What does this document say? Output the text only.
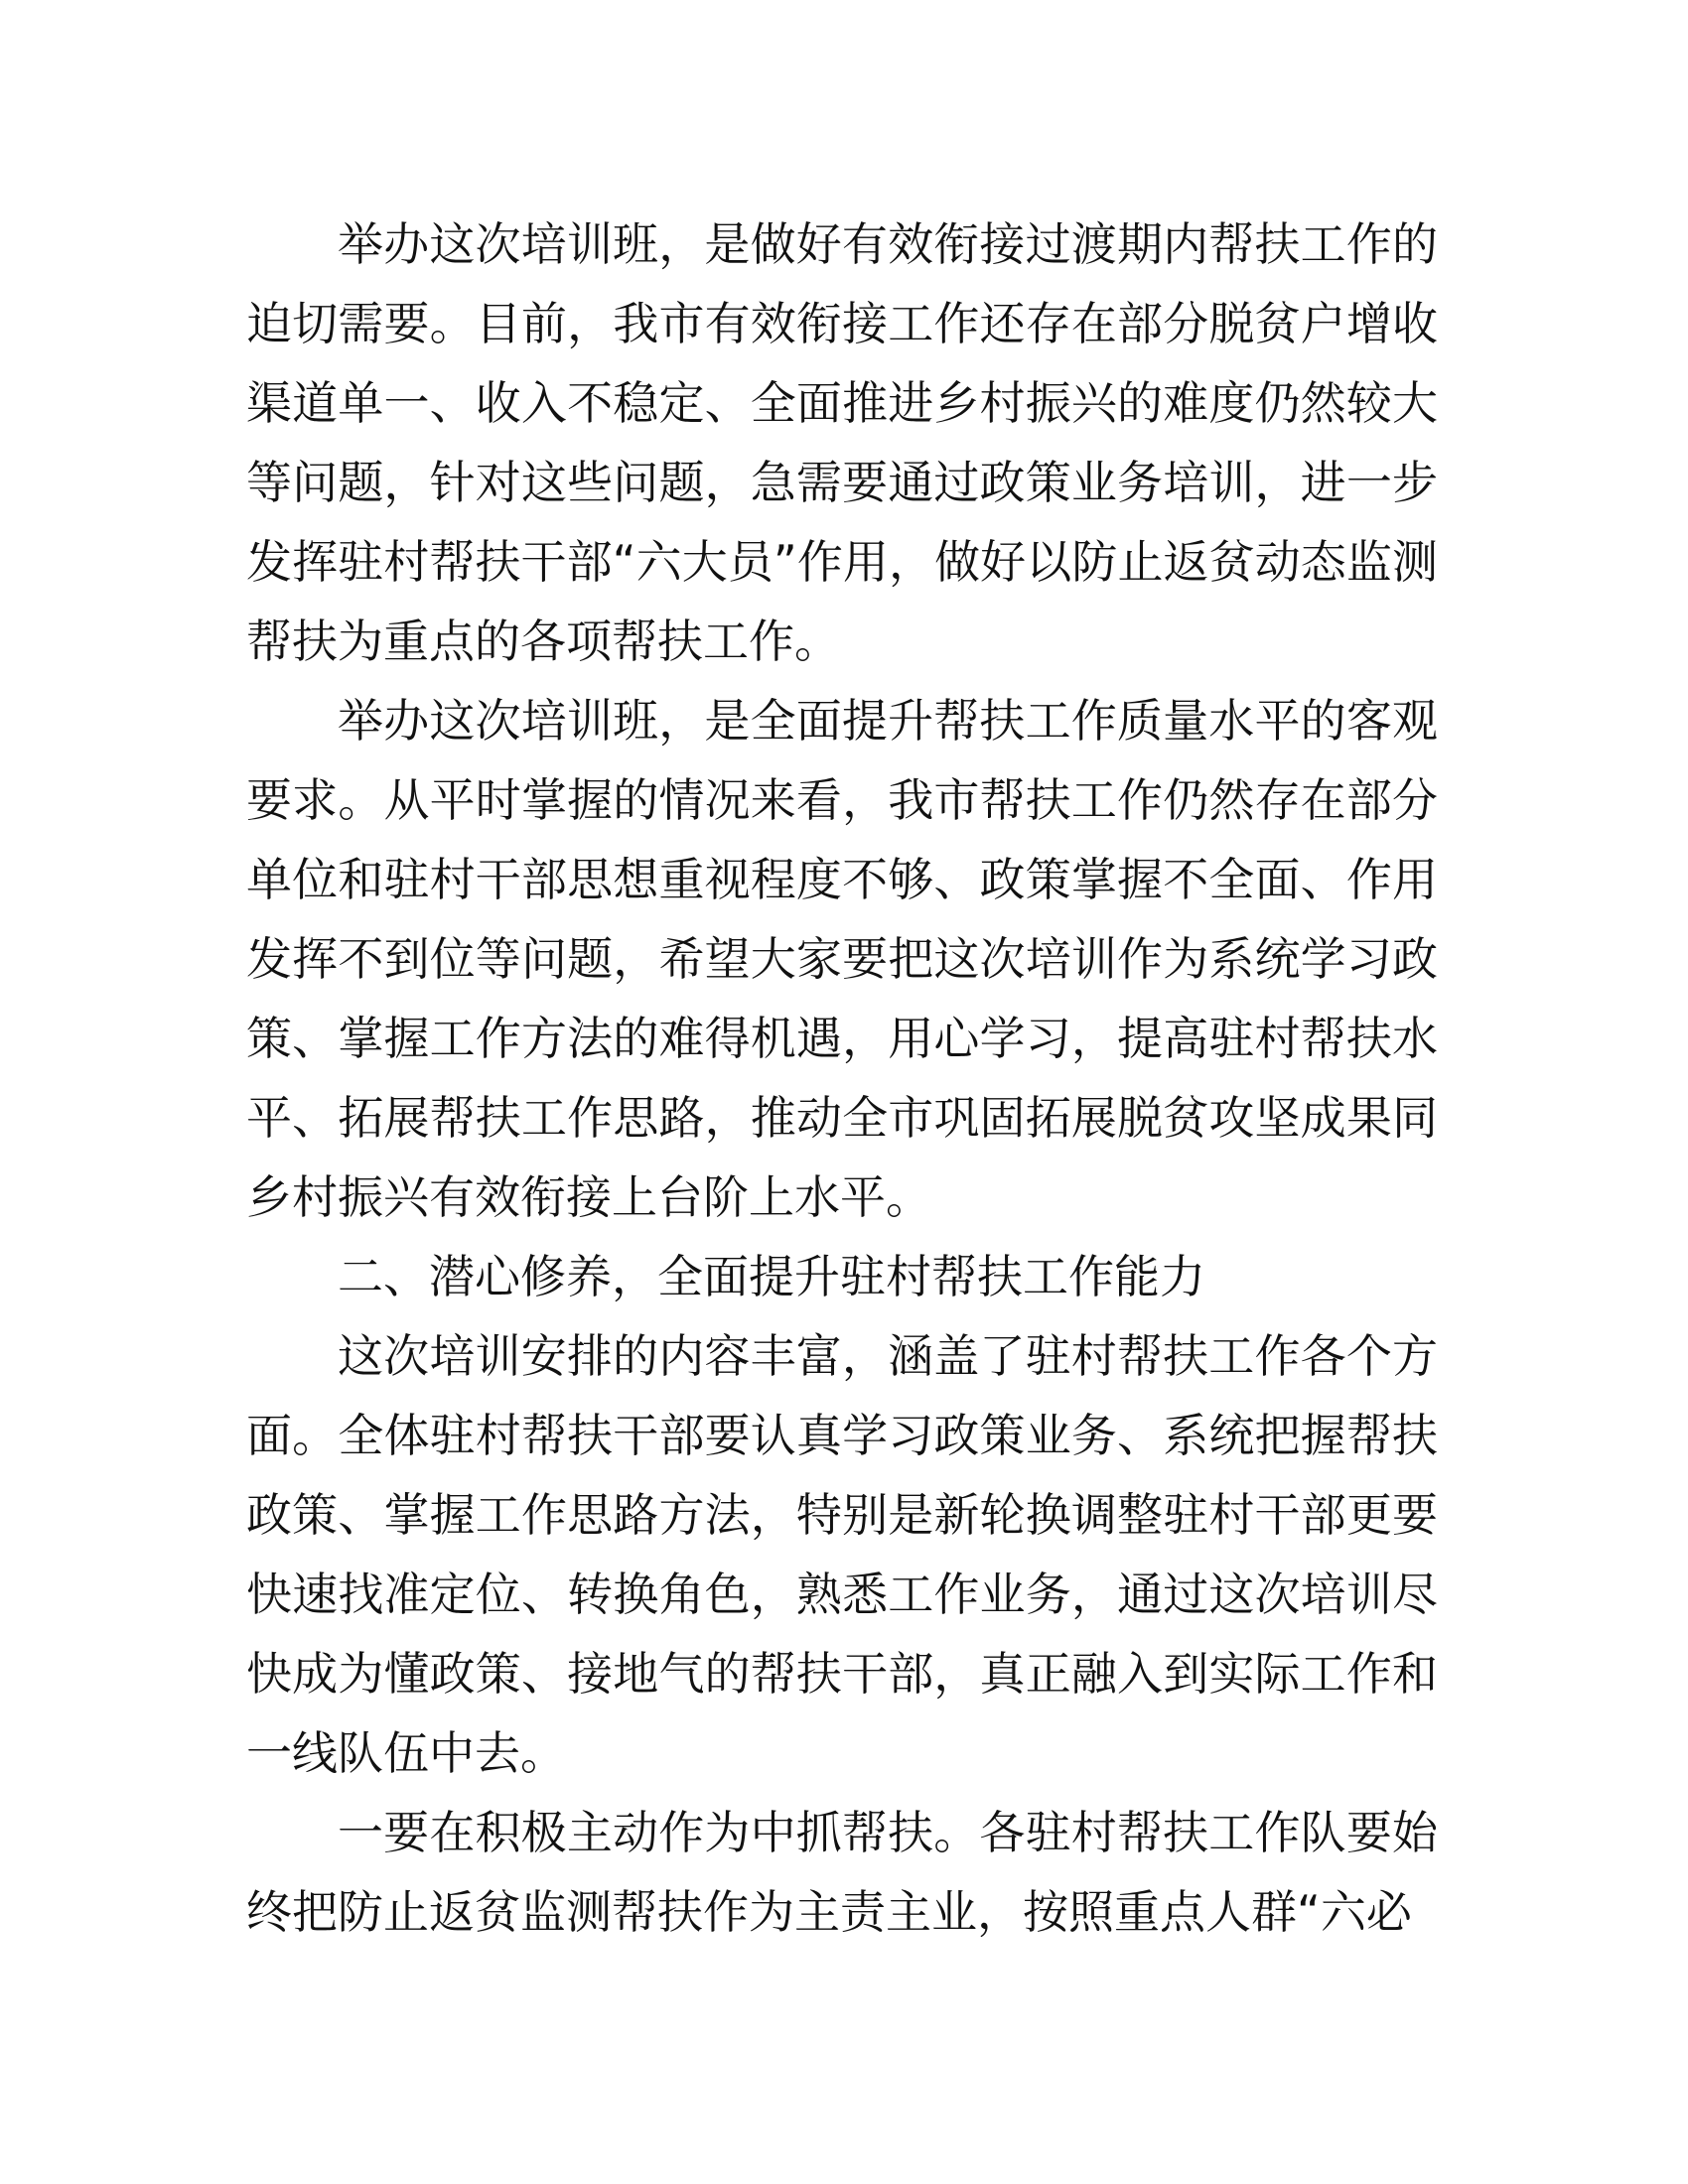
举办这次培训班，是做好有效衔接过渡期内帮扶工作的迫切需要。目前，我市有效衔接工作还存在部分脱贫户增收渠道单一、收入不稳定、全面推进乡村振兴的难度仍然较大等问题，针对这些问题，急需要通过政策业务培训，进一步发挥驻村帮扶干部“六大员”作用，做好以防止返贫动态监测帮扶为重点的各项帮扶工作。

举办这次培训班，是全面提升帮扶工作质量水平的客观要求。从平时掌握的情况来看，我市帮扶工作仍然存在部分单位和驻村干部思想重视程度不够、政策掌握不全面、作用发挥不到位等问题，希望大家要把这次培训作为系统学习政策、掌握工作方法的难得机遇，用心学习，提高驻村帮扶水平、拓展帮扶工作思路，推动全市巩固拓展脱贫攻坚成果同乡村振兴有效衔接上台阶上水平。

二、潜心修养，全面提升驻村帮扶工作能力

这次培训安排的内容丰富，涵盖了驻村帮扶工作各个方面。全体驻村帮扶干部要认真学习政策业务、系统把握帮扶政策、掌握工作思路方法，特别是新轮换调整驻村干部更要快速找准定位、转换角色，熟悉工作业务，通过这次培训尽快成为懂政策、接地气的帮扶干部，真正融入到实际工作和一线队伍中去。

一要在积极主动作为中抓帮扶。各驻村帮扶工作队要始终把防止返贫监测帮扶作为主责主业，按照重点人群“六必
